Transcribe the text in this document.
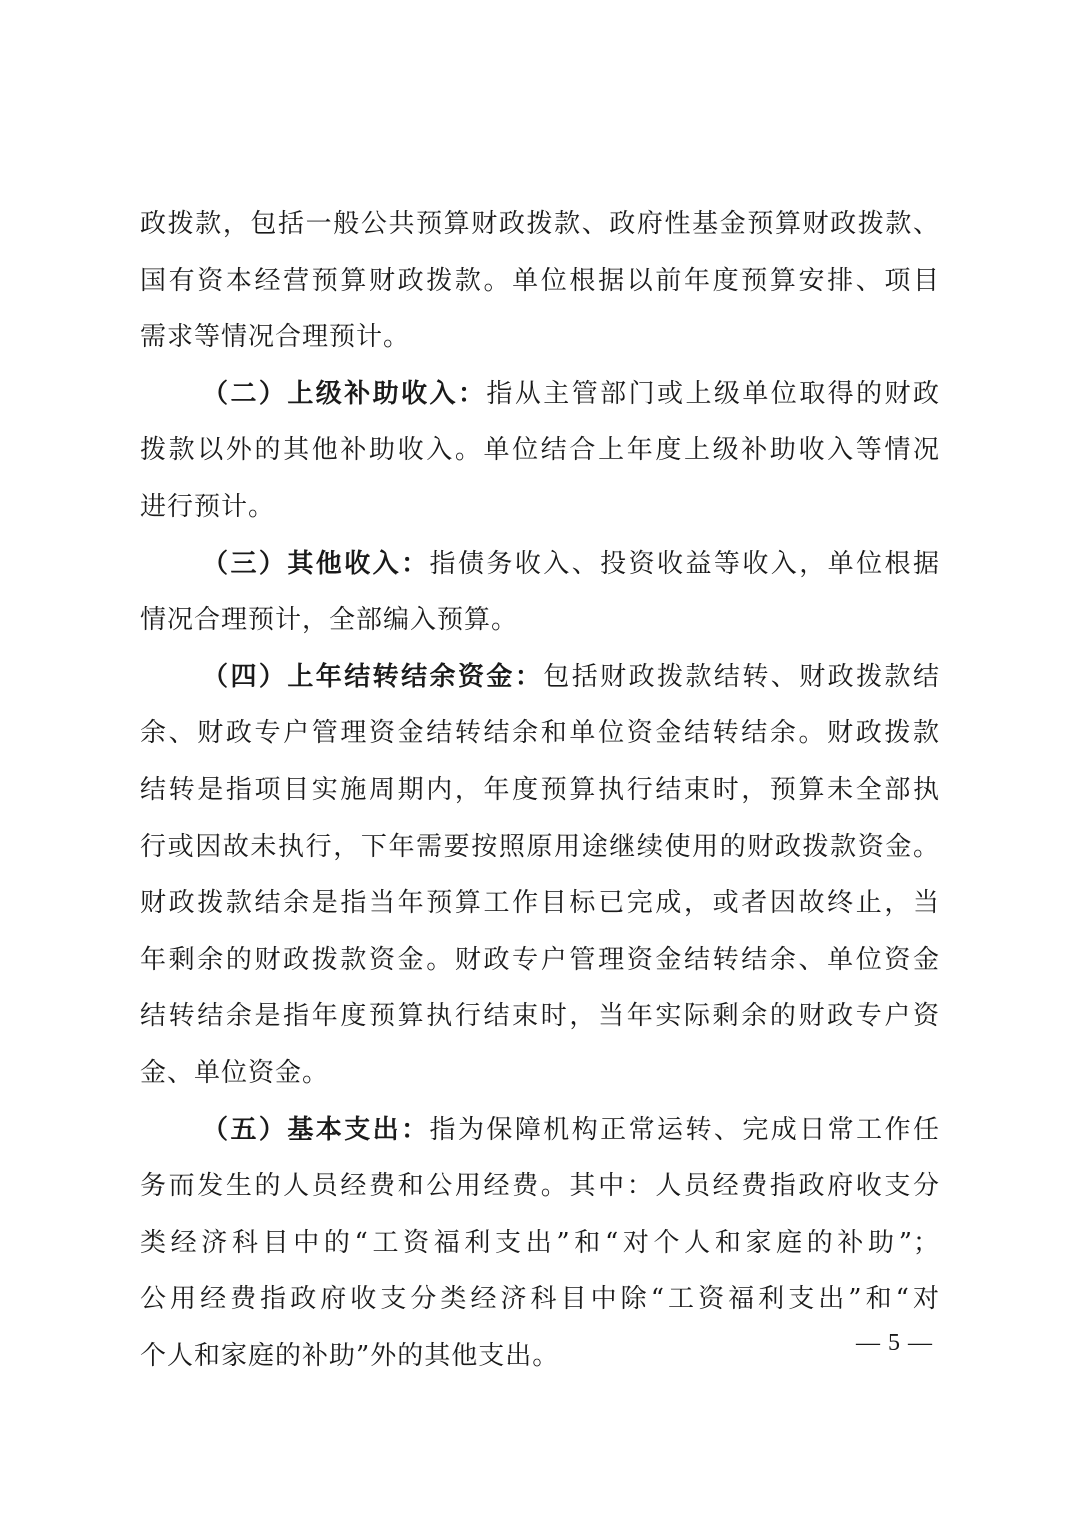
政拨款，包括一般公共预算财政拨款、政府性基金预算财政拨款、
国有资本经营预算财政拨款。单位根据以前年度预算安排、项目
需求等情况合理预计。
（二）上级补助收入：指从主管部门或上级单位取得的财政
拨款以外的其他补助收入。单位结合上年度上级补助收入等情况
进行预计。
（三）其他收入：指债务收入、投资收益等收入，单位根据
情况合理预计，全部编入预算。
（四）上年结转结余资金：包括财政拨款结转、财政拨款结
余、财政专户管理资金结转结余和单位资金结转结余。财政拨款
结转是指项目实施周期内，年度预算执行结束时，预算未全部执
行或因故未执行，下年需要按照原用途继续使用的财政拨款资金。
财政拨款结余是指当年预算工作目标已完成，或者因故终止，当
年剩余的财政拨款资金。财政专户管理资金结转结余、单位资金
结转结余是指年度预算执行结束时，当年实际剩余的财政专户资
金、单位资金。
（五）基本支出：指为保障机构正常运转、完成日常工作任
务而发生的人员经费和公用经费。其中：人员经费指政府收支分
类经济科目中的“工资福利支出”和“对个人和家庭的补助”；
公用经费指政府收支分类经济科目中除“工资福利支出”和“对
个人和家庭的补助”外的其他支出。	— 5 —
